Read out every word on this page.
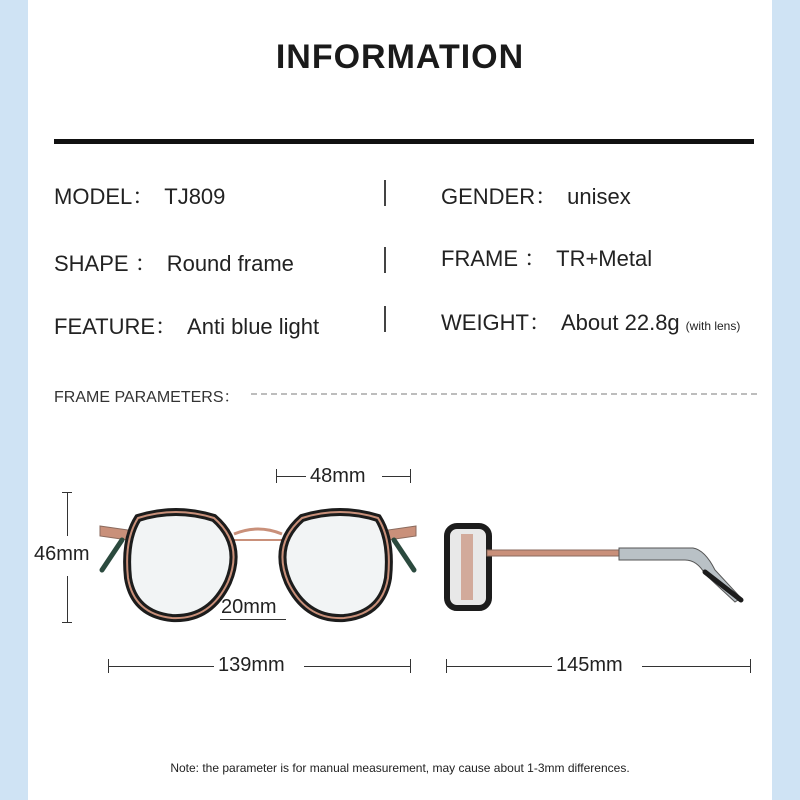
INFORMATION
MODEL： TJ809	GENDER： unisex
SHAPE ： Round frame	FRAME ： TR+Metal
FEATURE： Anti blue light	WEIGHT： About 22.8g (with lens)
FRAME PARAMETERS：
48mm
46mm
20mm
139mm	145mm
Note: the parameter is for manual measurement, may cause about 1-3mm differences.
